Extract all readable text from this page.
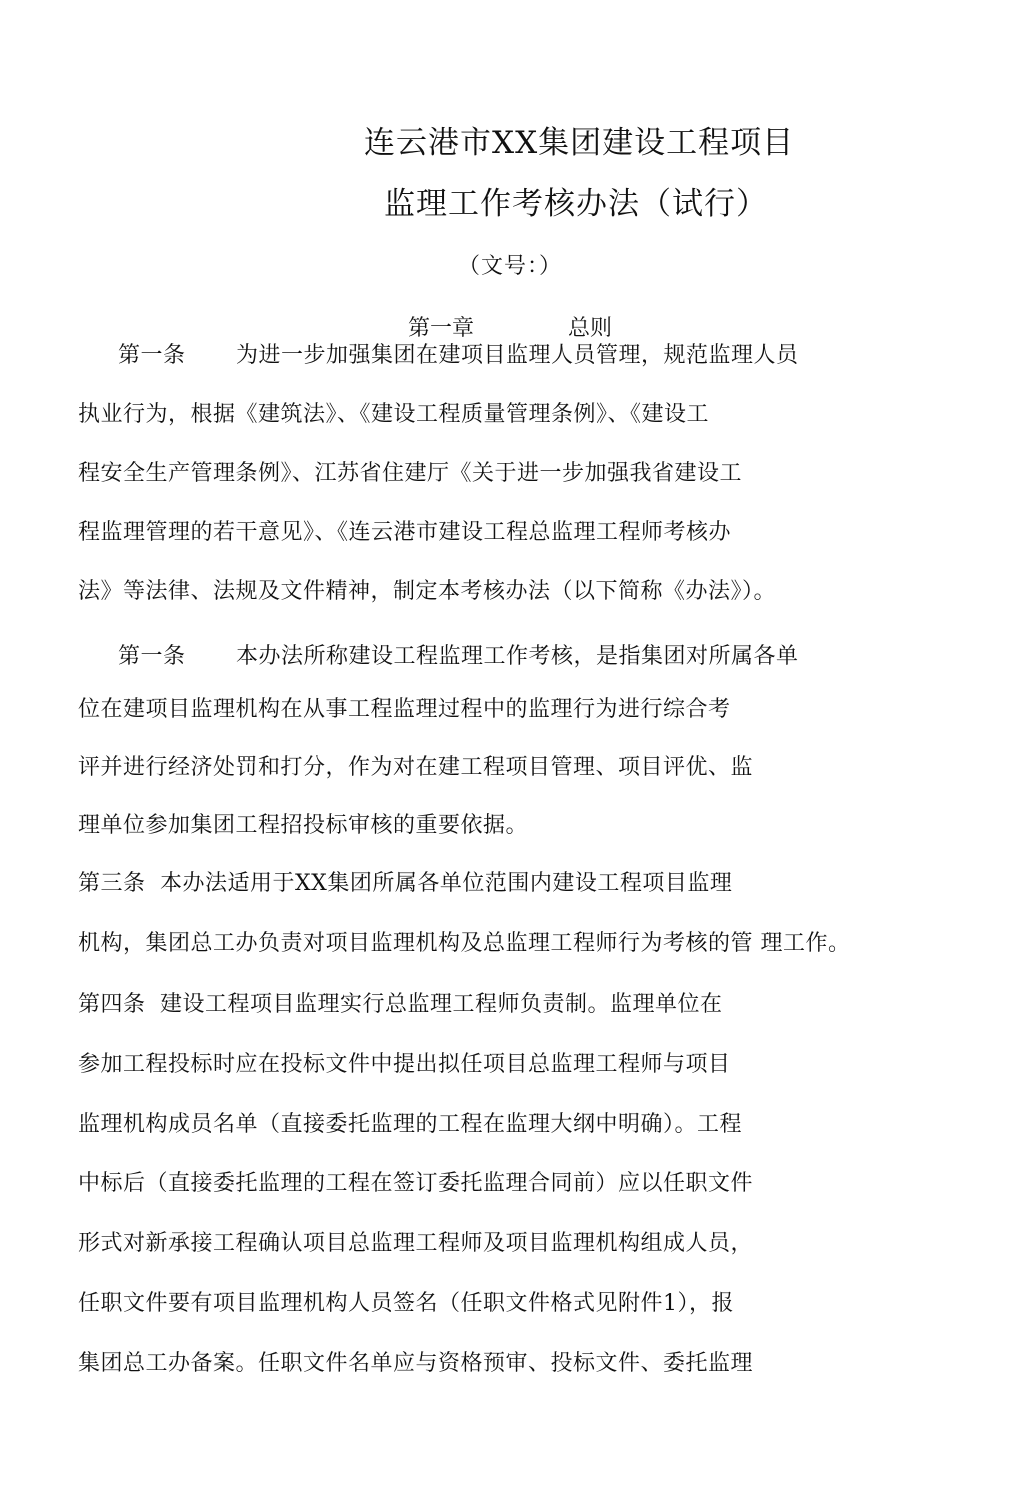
连云港市XX集团建设工程项目
监理工作考核办法（试行）
（文号：）
第一章	总则
第一条 为进一步加强集团在建项目监理人员管理，规范监理人员
执业行为，根据《建筑法》、《建设工程质量管理条例》、《建设工
程安全生产管理条例》、江苏省住建厅《关于进一步加强我省建设工
程监理管理的若干意见》、《连云港市建设工程总监理工程师考核办
法》等法律、法规及文件精神，制定本考核办法（以下简称《办法》）。
第一条 本办法所称建设工程监理工作考核，是指集团对所属各单
位在建项目监理机构在从事工程监理过程中的监理行为进行综合考
评并进行经济处罚和打分，作为对在建工程项目管理、项目评优、监
理单位参加集团工程招投标审核的重要依据。
第三条 本办法适用于XX集团所属各单位范围内建设工程项目监理
机构，集团总工办负责对项目监理机构及总监理工程师行为考核的管 理工作。
第四条 建设工程项目监理实行总监理工程师负责制。监理单位在
参加工程投标时应在投标文件中提出拟任项目总监理工程师与项目
监理机构成员名单（直接委托监理的工程在监理大纲中明确）。工程
中标后（直接委托监理的工程在签订委托监理合同前）应以任职文件
形式对新承接工程确认项目总监理工程师及项目监理机构组成人员，
任职文件要有项目监理机构人员签名（任职文件格式见附件1），报
集团总工办备案。任职文件名单应与资格预审、投标文件、委托监理
